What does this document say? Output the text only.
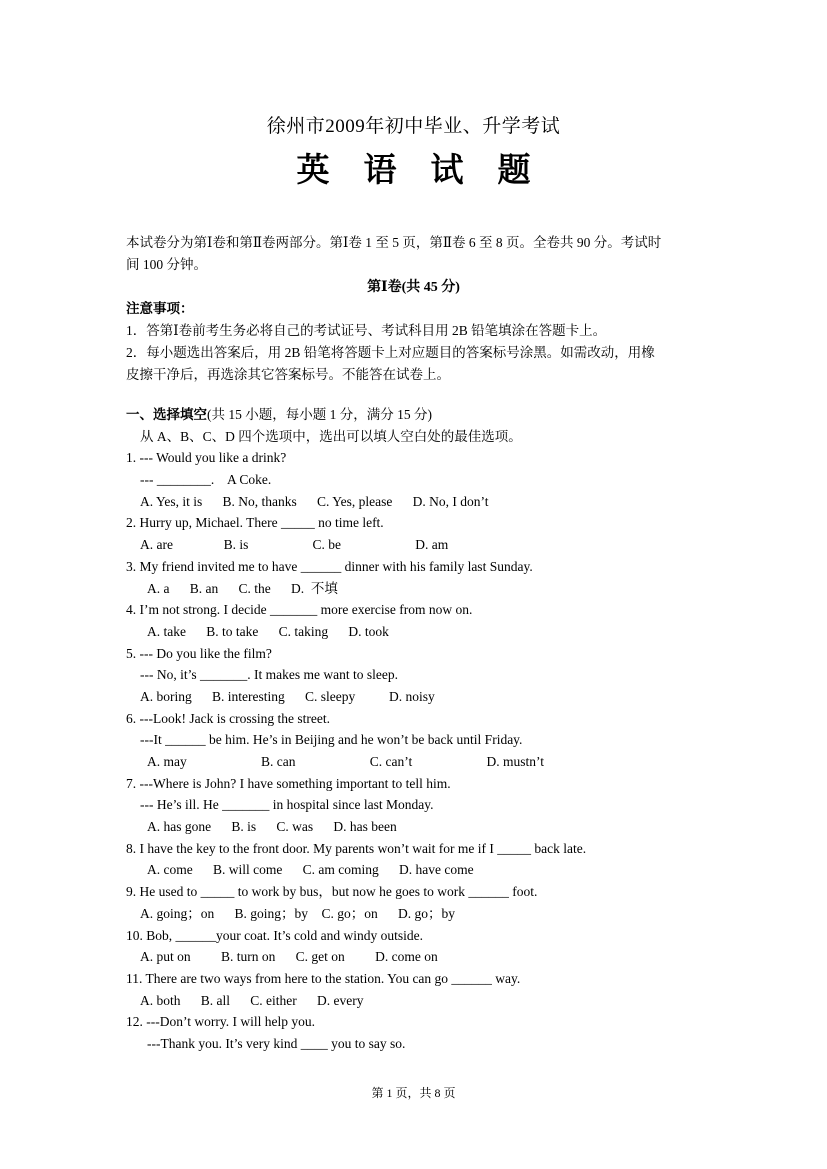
徐州市2009年初中毕业、升学考试
英语试题
本试卷分为第Ⅰ卷和第Ⅱ卷两部分。第Ⅰ卷 1 至 5 页，第Ⅱ卷 6 至 8 页。全卷共 90 分。考试时
间 100 分钟。
第Ⅰ卷(共 45 分)
注意事项：
1．答第Ⅰ卷前考生务必将自己的考试证号、考试科目用 2B 铅笔填涂在答题卡上。
2．每小题选出答案后，用 2B 铅笔将答题卡上对应题目的答案标号涂黑。如需改动，用橡
皮擦干净后，再选涂其它答案标号。不能答在试卷上。
一、选择填空(共 15 小题，每小题 1 分，满分 15 分)
从 A、B、C、D 四个选项中，选出可以填人空白处的最佳选项。
1. --- Would you like a drink?
--- ________.    A Coke.
A. Yes, it is      B. No, thanks      C. Yes, please      D. No, I don’t
2. Hurry up, Michael. There _____ no time left.
A. are               B. is                   C. be                      D. am
3. My friend invited me to have ______ dinner with his family last Sunday.
A. a      B. an      C. the      D.  不填
4. I’m not strong. I decide _______ more exercise from now on.
A. take      B. to take      C. taking      D. took
5. --- Do you like the film?
--- No, it’s _______. It makes me want to sleep.
A. boring      B. interesting      C. sleepy          D. noisy
6. ---Look! Jack is crossing the street.
---It ______ be him. He’s in Beijing and he won’t be back until Friday.
A. may                      B. can                      C. can’t                      D. mustn’t
7. ---Where is John? I have something important to tell him.
--- He’s ill. He _______ in hospital since last Monday.
A. has gone      B. is      C. was      D. has been
8. I have the key to the front door. My parents won’t wait for me if I _____ back late.
A. come      B. will come      C. am coming      D. have come
9. He used to _____ to work by bus，but now he goes to work ______ foot.
A. going；on      B. going；by    C. go；on      D. go；by
10. Bob, ______your coat. It’s cold and windy outside.
A. put on         B. turn on      C. get on         D. come on
11. There are two ways from here to the station. You can go ______ way.
A. both      B. all      C. either      D. every
12. ---Don’t worry. I will help you.
---Thank you. It’s very kind ____ you to say so.
第 1 页，共 8 页
